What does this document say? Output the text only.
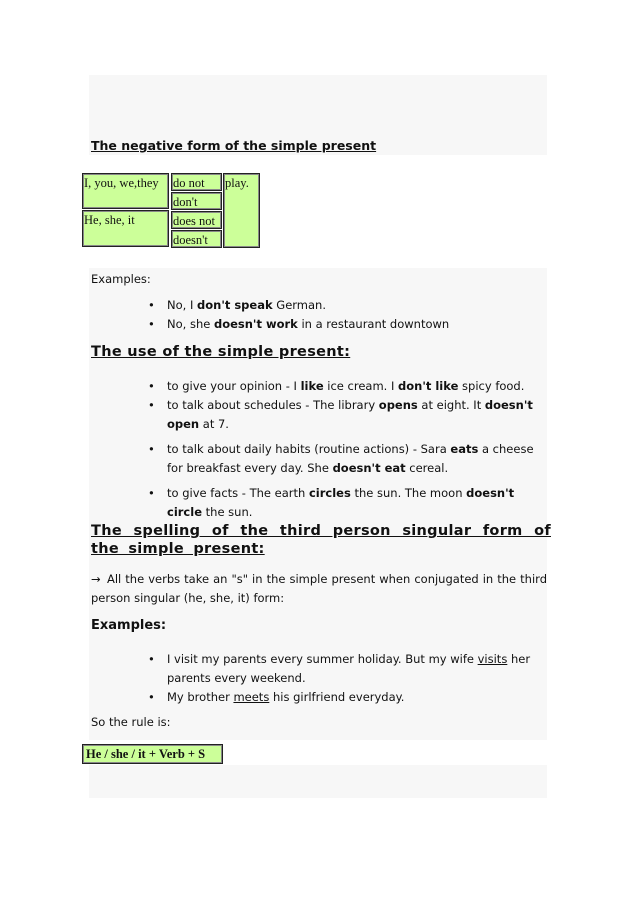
The negative form of the simple present
I, you, we,they
He, she, it
do not
don't
does not
doesn't
play.
Examples:
• No, I don't speak German.
• No, she doesn't work in a restaurant downtown
The use of the simple present:
• to give your opinion - I like ice cream. I don't like spicy food.
• to talk about schedules - The library opens at eight. It doesn't open at 7.
• to talk about daily habits (routine actions) - Sara eats a cheese for breakfast every day. She doesn't eat cereal.
• to give facts - The earth circles the sun. The moon doesn't circle the sun.
The spelling of the third person singular form of the simple present:
→ All the verbs take an "s" in the simple present when conjugated in the third person singular (he, she, it) form:
Examples:
• I visit my parents every summer holiday. But my wife visits her parents every weekend.
• My brother meets his girlfriend everyday.
So the rule is:
He / she / it + Verb + S
